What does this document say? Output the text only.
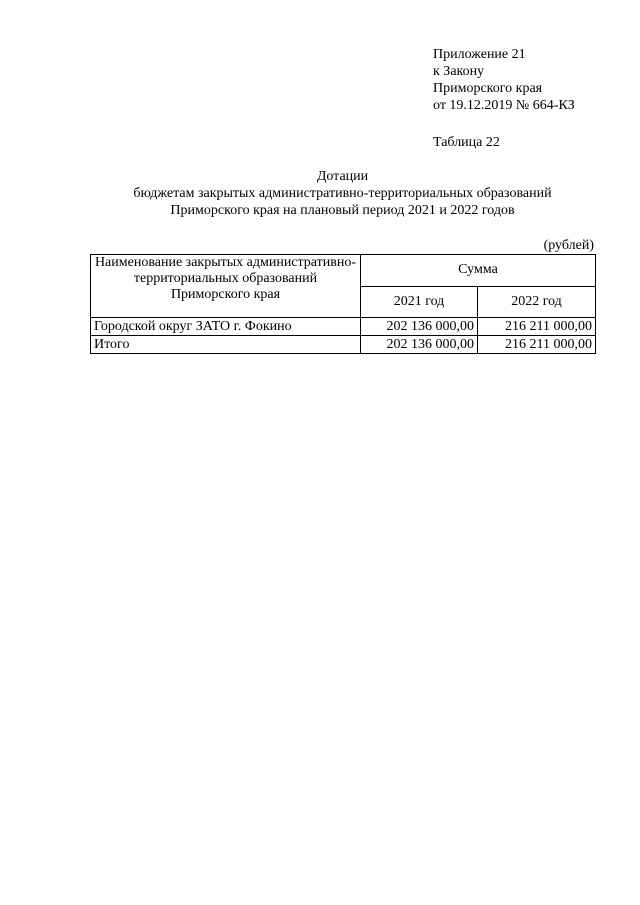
Приложение 21
к Закону
Приморского края
от 19.12.2019 № 664-КЗ
Таблица 22
Дотации
бюджетам закрытых административно-территориальных образований
Приморского края на плановый период 2021 и 2022 годов
(рублей)
Наименование закрытых административно-территориальных образований Приморского края	Сумма	
	2021 год	2022 год
Городской округ ЗАТО г. Фокино	202 136 000,00	216 211 000,00
Итого	202 136 000,00	216 211 000,00
